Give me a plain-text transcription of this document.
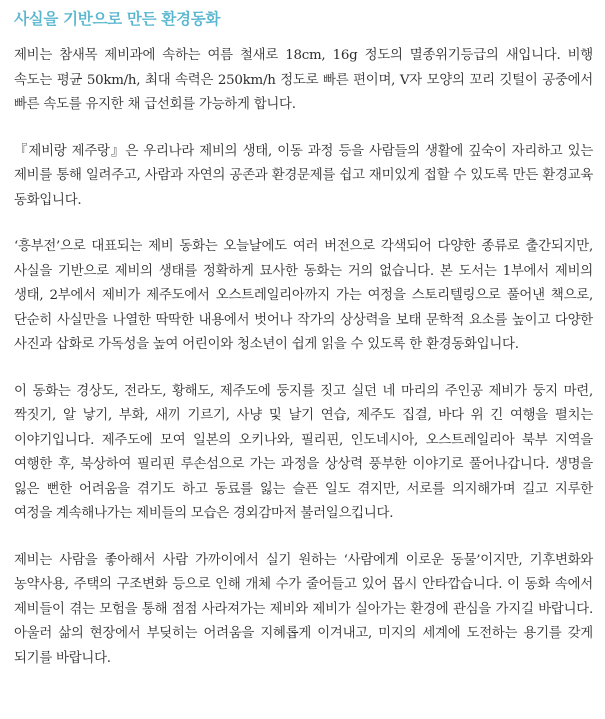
사실을 기반으로 만든 환경동화

제비는 참새목 제비과에 속하는 여름 철새로 18cm, 16g 정도의 멸종위기등급의 새입니다. 비행 속도는 평균 50km/h, 최대 속력은 250km/h 정도로 빠른 편이며, V자 모양의 꼬리 깃털이 공중에서 빠른 속도를 유지한 채 급선회를 가능하게 합니다.

『제비랑 제주랑』은 우리나라 제비의 생태, 이동 과정 등을 사람들의 생활에 깊숙이 자리하고 있는 제비를 통해 일려주고, 사람과 자연의 공존과 환경문제를 쉽고 재미있게 접할 수 있도록 만든 환경교육 동화입니다.

‘흥부전’으로 대표되는 제비 동화는 오늘날에도 여러 버전으로 각색되어 다양한 종류로 출간되지만, 사실을 기반으로 제비의 생태를 정확하게 묘사한 동화는 거의 없습니다. 본 도서는 1부에서 제비의 생태, 2부에서 제비가 제주도에서 오스트레일리아까지 가는 여정을 스토리텔링으로 풀어낸 책으로, 단순히 사실만을 나열한 딱딱한 내용에서 벗어나 작가의 상상력을 보태 문학적 요소를 높이고 다양한 사진과 삽화로 가독성을 높여 어린이와 청소년이 쉽게 읽을 수 있도록 한 환경동화입니다.

이 동화는 경상도, 전라도, 황해도, 제주도에 둥지를 짓고 실던 네 마리의 주인공 제비가 둥지 마련, 짝짓기, 알 낳기, 부화, 새끼 기르기, 사냥 및 날기 연습, 제주도 집결, 바다 위 긴 여행을 펼치는 이야기입니다. 제주도에 모여 일본의 오키나와, 필리핀, 인도네시아, 오스트레일리아 북부 지역을 여행한 후, 북상하여 필리핀 루손섬으로 가는 과정을 상상력 풍부한 이야기로 풀어나갑니다. 생명을 잃은 뻔한 어려움을 겪기도 하고 동료를 잃는 슬픈 일도 겪지만, 서로를 의지해가며 길고 지루한 여정을 계속해나가는 제비들의 모습은 경외감마저 불러일으킵니다.

제비는 사람을 좋아해서 사람 가까이에서 실기 원하는 ‘사람에게 이로운 동물’이지만, 기후변화와 농약사용, 주택의 구조변화 등으로 인해 개체 수가 줄어들고 있어 몹시 안타깝습니다. 이 동화 속에서 제비들이 겪는 모험을 통해 점점 사라져가는 제비와 제비가 실아가는 환경에 관심을 가지길 바랍니다. 아울러 삶의 현장에서 부딪히는 어려움을 지혜롭게 이겨내고, 미지의 세계에 도전하는 용기를 갖게 되기를 바랍니다.
